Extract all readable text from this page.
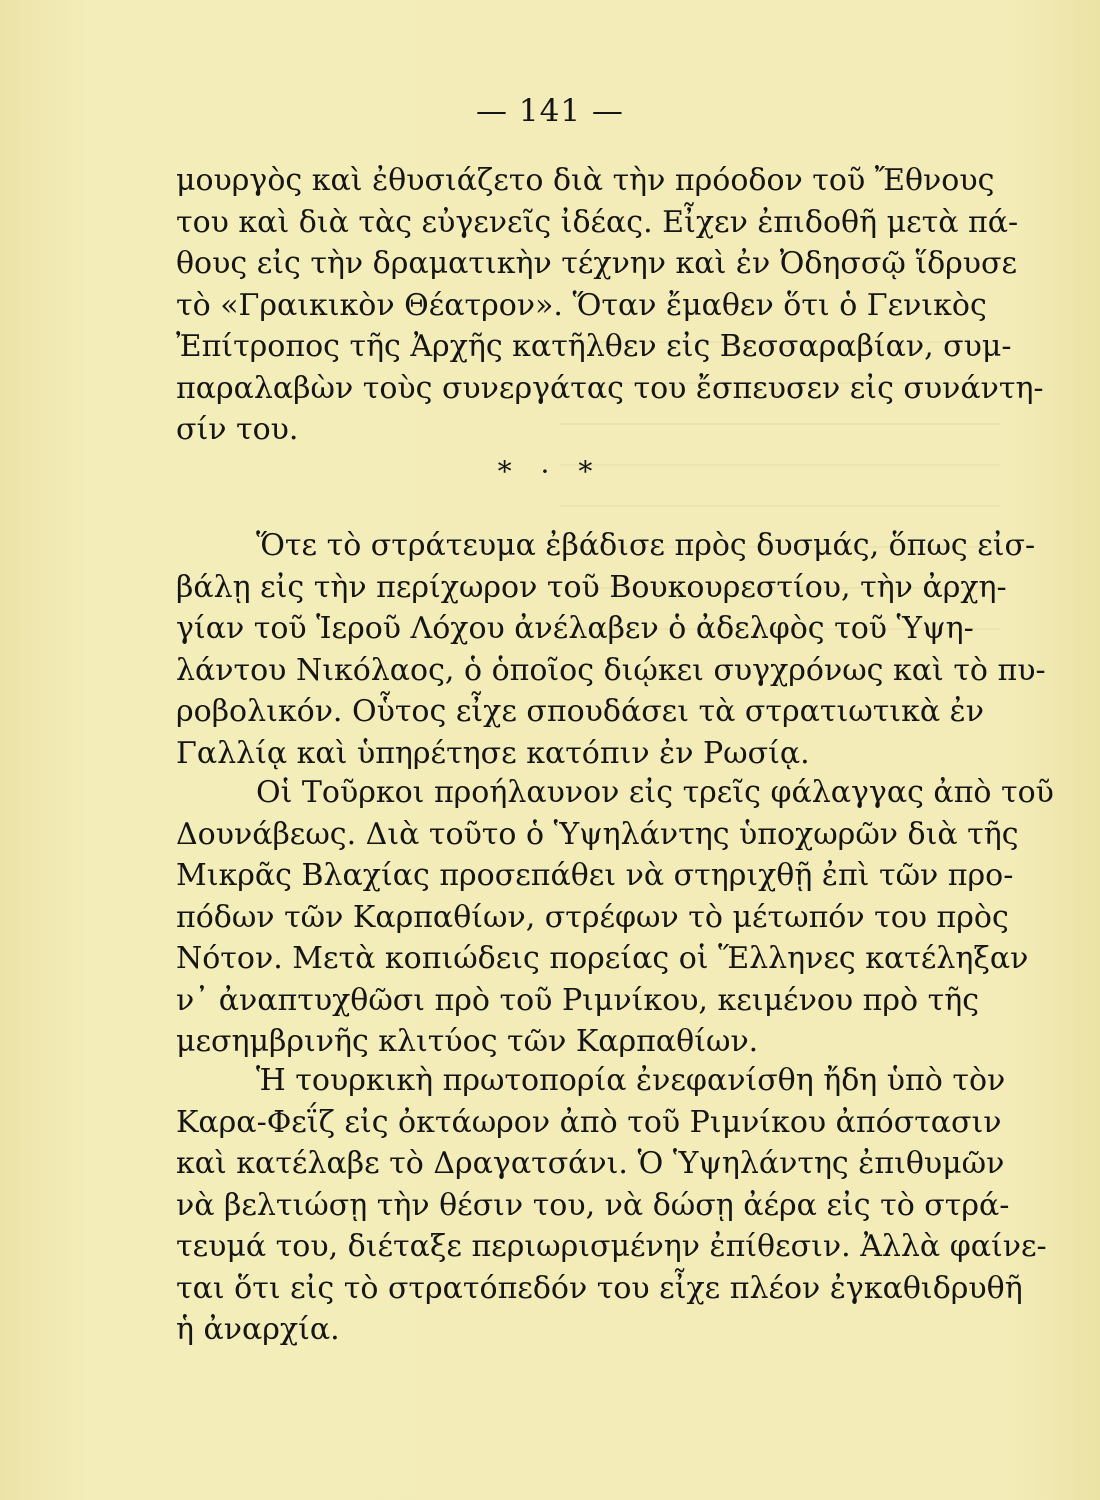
— 141 —
μουργὸς καὶ ἐθυσιάζετο διὰ τὴν πρόοδον τοῦ Ἔθνους
του καὶ διὰ τὰς εὐγενεῖς ἰδέας. Εἶχεν ἐπιδοθῆ μετὰ πά-
θους εἰς τὴν δραματικὴν τέχνην καὶ ἐν Ὀδησσῷ ἵδρυσε
τὸ «Γραικικὸν Θέατρον». Ὅταν ἔμαθεν ὅτι ὁ Γενικὸς
Ἐπίτροπος τῆς Ἀρχῆς κατῆλθεν εἰς Βεσσαραβίαν, συμ-
παραλαβὼν τοὺς συνεργάτας του ἔσπευσεν εἰς συνάντη-
σίν του.
* · *
Ὅτε τὸ στράτευμα ἐβάδισε πρὸς δυσμάς, ὅπως εἰσ-
βάλῃ εἰς τὴν περίχωρον τοῦ Βουκουρεστίου, τὴν ἀρχη-
γίαν τοῦ Ἱεροῦ Λόχου ἀνέλαβεν ὁ ἀδελφὸς τοῦ Ὑψη-
λάντου Νικόλαος, ὁ ὁποῖος διῴκει συγχρόνως καὶ τὸ πυ-
ροβολικόν. Οὗτος εἶχε σπουδάσει τὰ στρατιωτικὰ ἐν
Γαλλίᾳ καὶ ὑπηρέτησε κατόπιν ἐν Ρωσίᾳ.
Οἱ Τοῦρκοι προήλαυνον εἰς τρεῖς φάλαγγας ἀπὸ τοῦ
Δουνάβεως. Διὰ τοῦτο ὁ Ὑψηλάντης ὑποχωρῶν διὰ τῆς
Μικρᾶς Βλαχίας προσεπάθει νὰ στηριχθῇ ἐπὶ τῶν προ-
πόδων τῶν Καρπαθίων, στρέφων τὸ μέτωπόν του πρὸς
Νότον. Μετὰ κοπιώδεις πορείας οἱ Ἕλληνες κατέληξαν
ν᾽ ἀναπτυχθῶσι πρὸ τοῦ Ριμνίκου, κειμένου πρὸ τῆς
μεσημβρινῆς κλιτύος τῶν Καρπαθίων.
Ἡ τουρκικὴ πρωτοπορία ἐνεφανίσθη ἤδη ὑπὸ τὸν
Καρα-Φεΐζ εἰς ὀκτάωρον ἀπὸ τοῦ Ριμνίκου ἀπόστασιν
καὶ κατέλαβε τὸ Δραγατσάνι. Ὁ Ὑψηλάντης ἐπιθυμῶν
νὰ βελτιώσῃ τὴν θέσιν του, νὰ δώσῃ ἀέρα εἰς τὸ στρά-
τευμά του, διέταξε περιωρισμένην ἐπίθεσιν. Ἀλλὰ φαίνε-
ται ὅτι εἰς τὸ στρατόπεδόν του εἶχε πλέον ἐγκαθιδρυθῆ
ἡ ἀναρχία.
